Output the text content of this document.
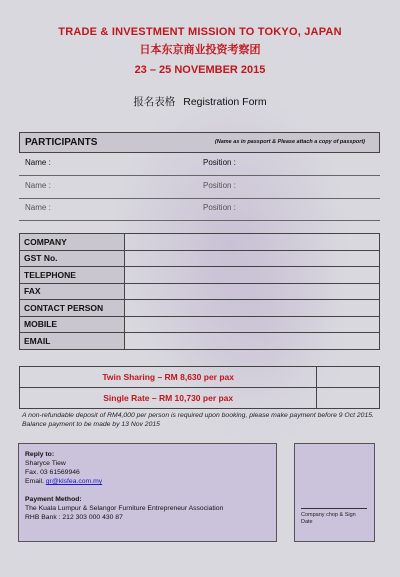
TRADE & INVESTMENT MISSION TO TOKYO, JAPAN
日本东京商业投资考察团
23 – 25 NOVEMBER 2015
报名表格 Registration Form
PARTICIPANTS	(Name as in passport & Please attach a copy of passport)
Name :	Position :
Name :	Position :
Name :	Position :
COMPANY	
GST No.	
TELEPHONE	
FAX	
CONTACT PERSON	
MOBILE	
EMAIL	
Twin Sharing – RM 8,630 per pax	
Single Rate – RM 10,730 per pax	
A non-refundable deposit of RM4,000 per person is required upon booking, please make payment before 9 Oct 2015. Balance payment to be made by 13 Nov 2015
Reply to:
Sharyce Tiew
Fax. 03 61569946
Email. gr@klsfea.com.my
Payment Method:
The Kuala Lumpur & Selangor Furniture Entrepreneur Association
RHB Bank : 212 303 000 430 87	Company chop & Sign
Date
